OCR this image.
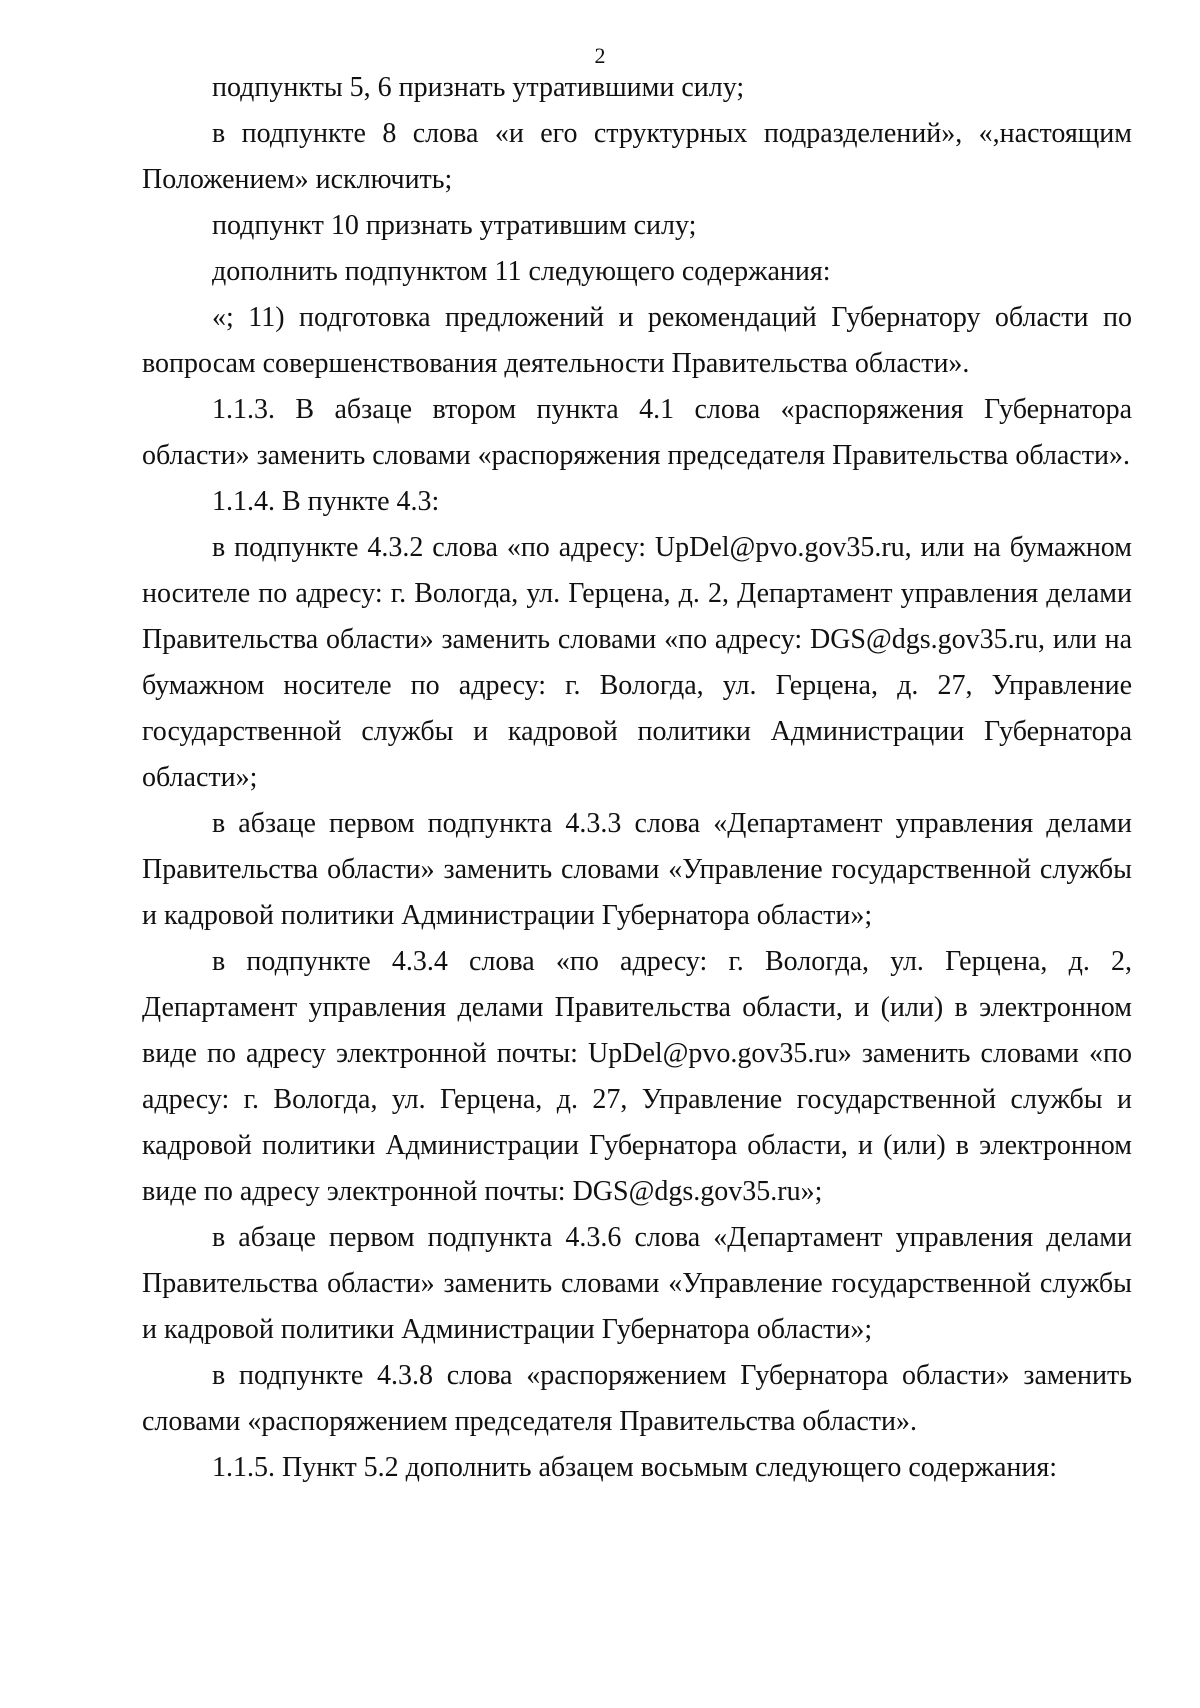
2

подпункты 5, 6 признать утратившими силу;

в подпункте 8 слова «и его структурных подразделений», «,настоящим Положением» исключить;

подпункт 10 признать утратившим силу;

дополнить подпунктом 11 следующего содержания:

«; 11) подготовка предложений и рекомендаций Губернатору области по вопросам совершенствования деятельности Правительства области».

1.1.3. В абзаце втором пункта 4.1 слова «распоряжения Губернатора области» заменить словами «распоряжения председателя Правительства области».

1.1.4. В пункте 4.3:

в подпункте 4.3.2 слова «по адресу: UpDel@pvo.gov35.ru, или на бумажном носителе по адресу: г. Вологда, ул. Герцена, д. 2, Департамент управления делами Правительства области» заменить словами «по адресу: DGS@dgs.gov35.ru, или на бумажном носителе по адресу: г. Вологда, ул. Герцена, д. 27, Управление государственной службы и кадровой политики Администрации Губернатора области»;

в абзаце первом подпункта 4.3.3 слова «Департамент управления делами Правительства области» заменить словами «Управление государственной службы и кадровой политики Администрации Губернатора области»;

в подпункте 4.3.4 слова «по адресу: г. Вологда, ул. Герцена, д. 2, Департамент управления делами Правительства области, и (или) в электронном виде по адресу электронной почты: UpDel@pvo.gov35.ru» заменить словами «по адресу: г. Вологда, ул. Герцена, д. 27, Управление государственной службы и кадровой политики Администрации Губернатора области, и (или) в электронном виде по адресу электронной почты: DGS@dgs.gov35.ru»;

в абзаце первом подпункта 4.3.6 слова «Департамент управления делами Правительства области» заменить словами «Управление государственной службы и кадровой политики Администрации Губернатора области»;

в подпункте 4.3.8 слова «распоряжением Губернатора области» заменить словами «распоряжением председателя Правительства области».

1.1.5. Пункт 5.2 дополнить абзацем восьмым следующего содержания:
